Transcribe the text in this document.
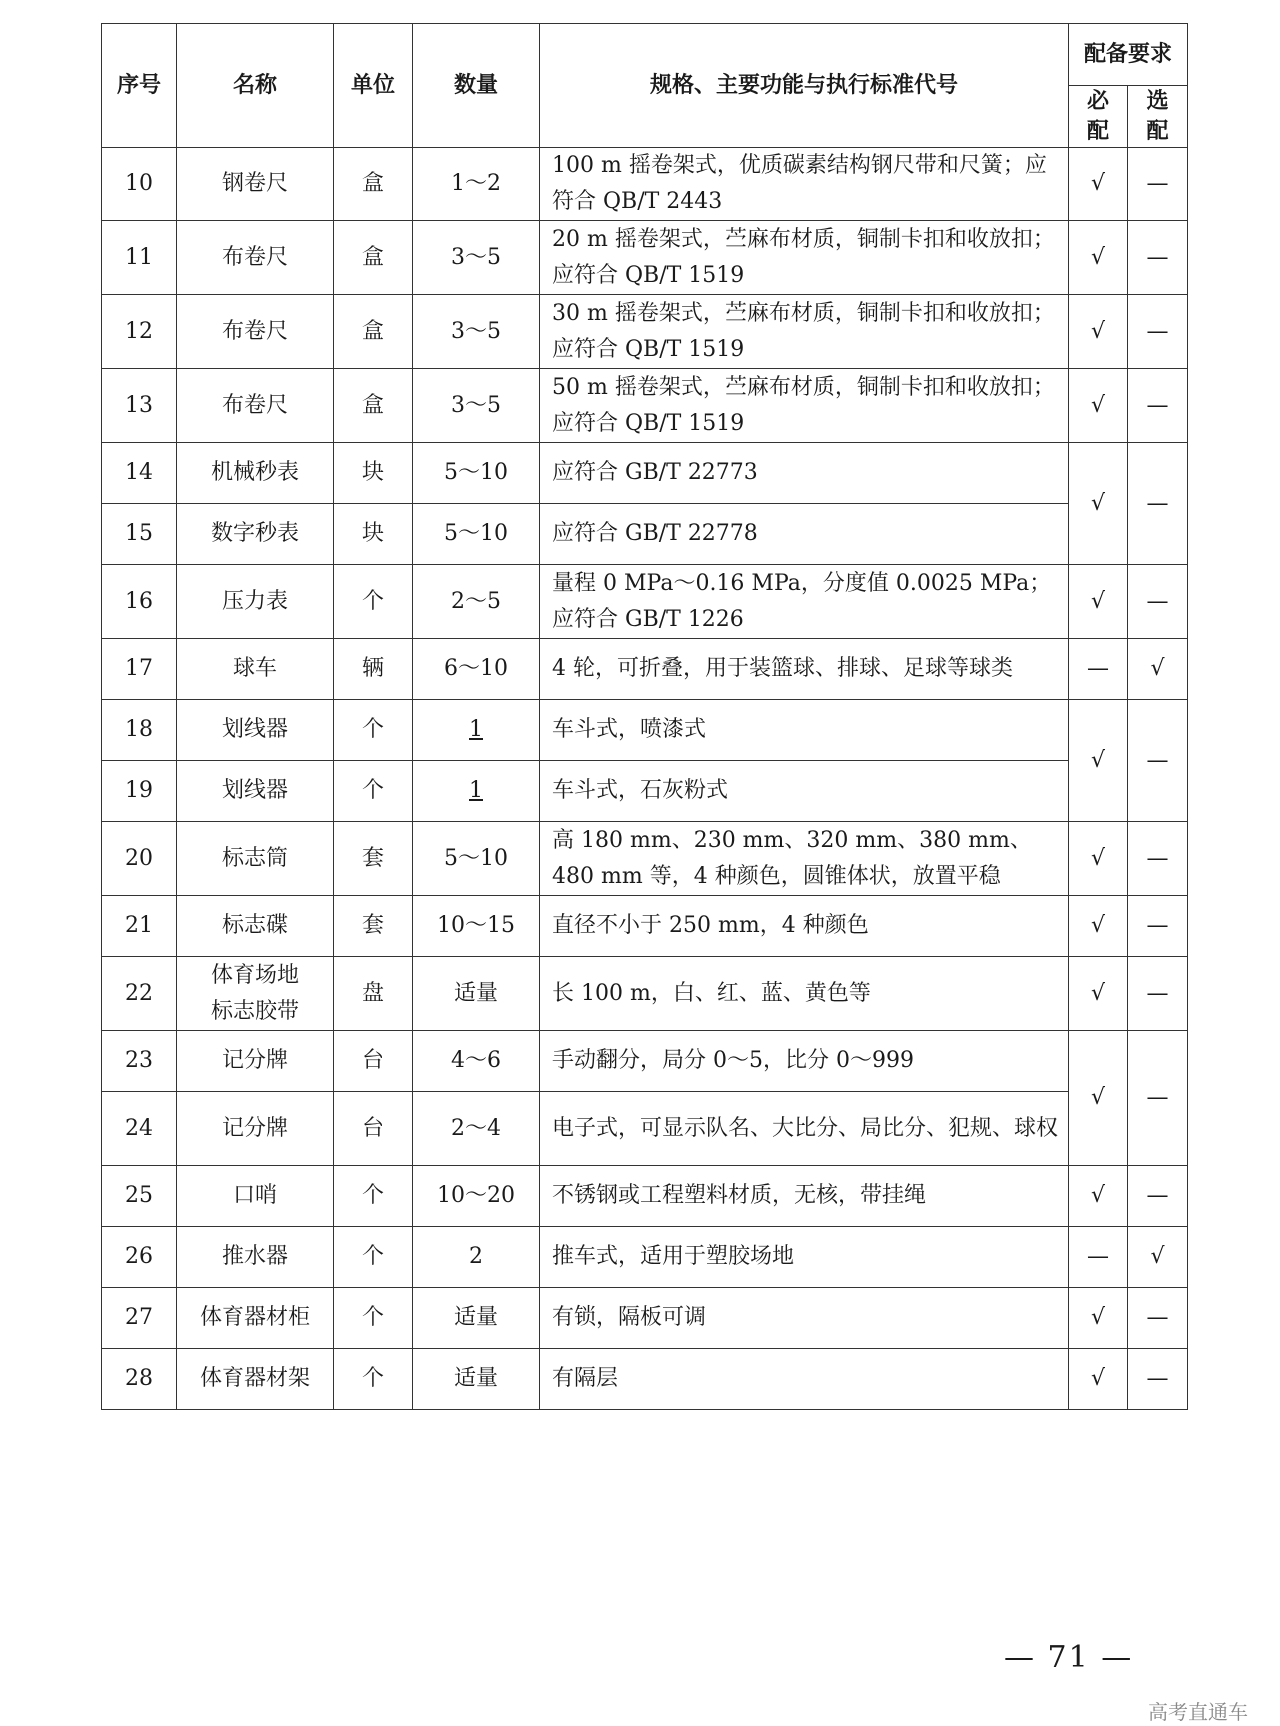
序号	名称	单位	数量	规格、主要功能与执行标准代号	配备要求	
					必配	选配
10	钢卷尺	盒	1～2	100 m 摇卷架式，优质碳素结构钢尺带和尺簧；应符合 QB/T 2443	√	—
11	布卷尺	盒	3～5	20 m 摇卷架式，苎麻布材质，铜制卡扣和收放扣；应符合 QB/T 1519	√	—
12	布卷尺	盒	3～5	30 m 摇卷架式，苎麻布材质，铜制卡扣和收放扣；应符合 QB/T 1519	√	—
13	布卷尺	盒	3～5	50 m 摇卷架式，苎麻布材质，铜制卡扣和收放扣；应符合 QB/T 1519	√	—
14	机械秒表	块	5～10	应符合 GB/T 22773	√	—
15	数字秒表	块	5～10	应符合 GB/T 22778		
16	压力表	个	2～5	量程 0 MPa～0.16 MPa，分度值 0.0025 MPa；应符合 GB/T 1226	√	—
17	球车	辆	6～10	4 轮，可折叠，用于装篮球、排球、足球等球类	—	√
18	划线器	个	1	车斗式，喷漆式	√	—
19	划线器	个	1	车斗式，石灰粉式		
20	标志筒	套	5～10	高 180 mm、230 mm、320 mm、380 mm、480 mm 等，4 种颜色，圆锥体状，放置平稳	√	—
21	标志碟	套	10～15	直径不小于 250 mm，4 种颜色	√	—
22	体育场地标志胶带	盘	适量	长 100 m，白、红、蓝、黄色等	√	—
23	记分牌	台	4～6	手动翻分，局分 0～5，比分 0～999	√	—
24	记分牌	台	2～4	电子式，可显示队名、大比分、局比分、犯规、球权		
25	口哨	个	10～20	不锈钢或工程塑料材质，无核，带挂绳	√	—
26	推水器	个	2	推车式，适用于塑胶场地	—	√
27	体育器材柜	个	适量	有锁，隔板可调	√	—
28	体育器材架	个	适量	有隔层	√	—
— 71 —
高考直通车
